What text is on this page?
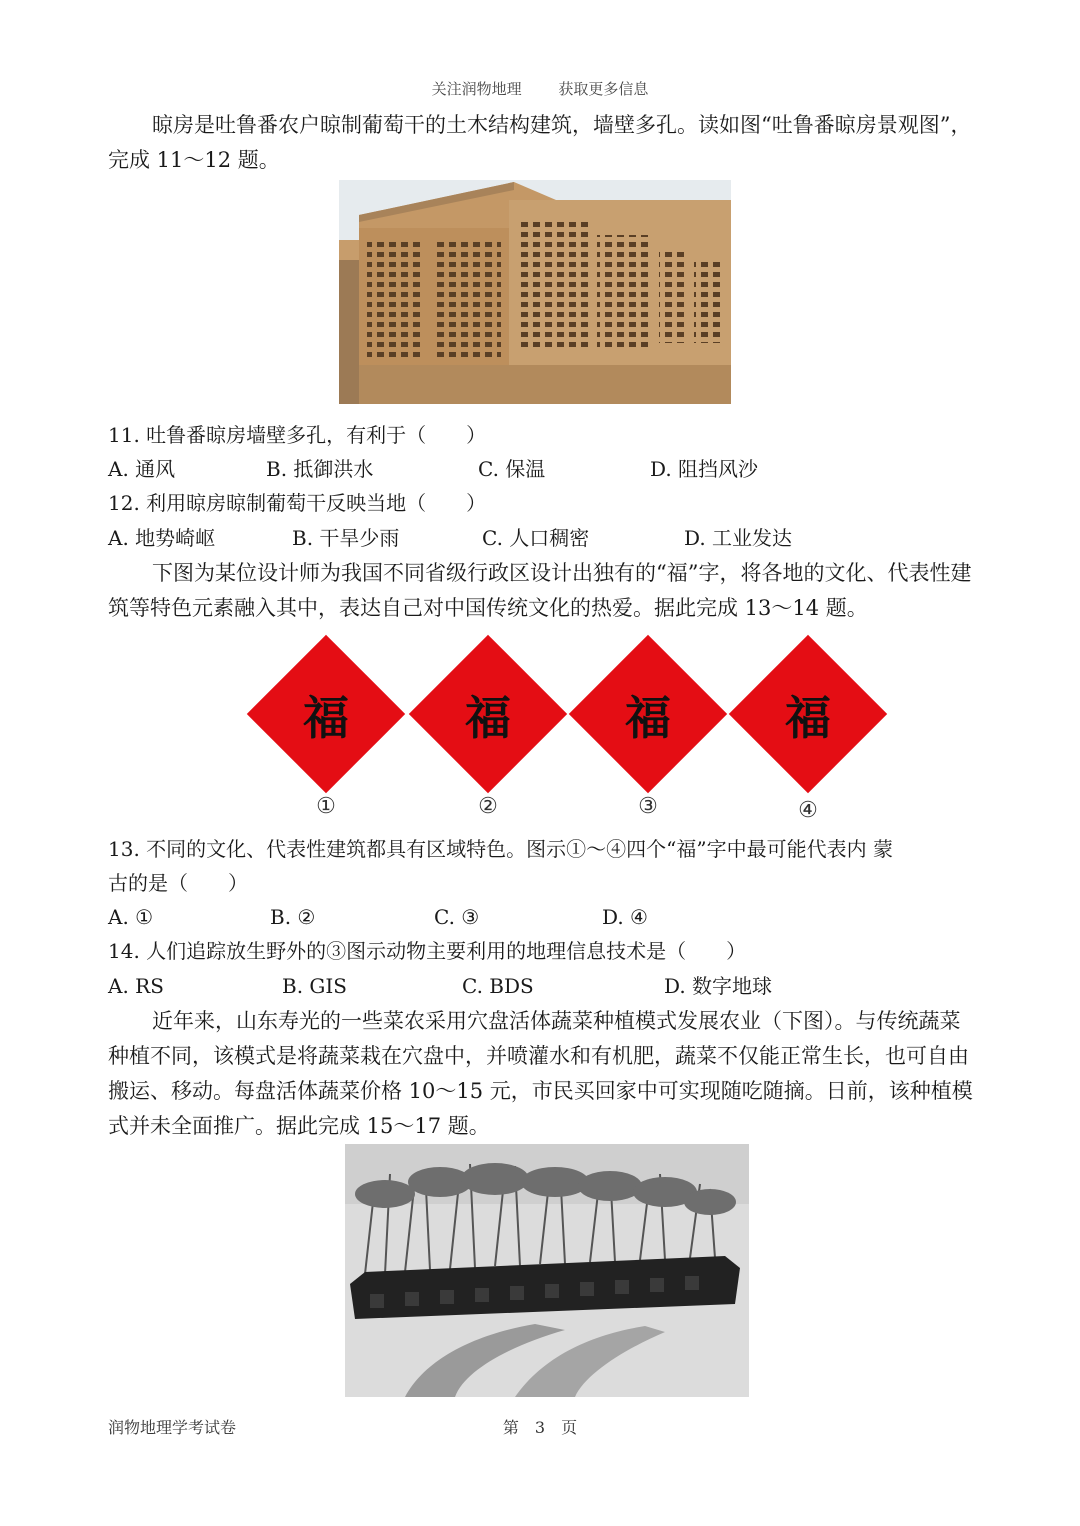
关注润物地理 获取更多信息
晾房是吐鲁番农户晾制葡萄干的土木结构建筑，墙壁多孔。读如图“吐鲁番晾房景观图”，完成 11～12 题。
11. 吐鲁番晾房墙壁多孔，有利于（　　）
A. 通风	B. 抵御洪水	C. 保温	D. 阻挡风沙
12. 利用晾房晾制葡萄干反映当地（　　）
A. 地势崎岖	B. 干旱少雨	C. 人口稠密	D. 工业发达
下图为某位设计师为我国不同省级行政区设计出独有的“福”字，将各地的文化、代表性建筑等特色元素融入其中，表达自己对中国传统文化的热爱。据此完成 13～14 题。
福	福	福	福
①	②	③	④
13. 不同的文化、代表性建筑都具有区域特色。图示①～④四个“福”字中最可能代表内 蒙
古的是（　　）
A. ①	B. ②	C. ③	D. ④
14. 人们追踪放生野外的③图示动物主要利用的地理信息技术是（　　）
A. RS	B. GIS	C. BDS	D. 数字地球
近年来，山东寿光的一些菜农采用穴盘活体蔬菜种植模式发展农业（下图）。与传统蔬菜种植不同，该模式是将蔬菜栽在穴盘中，并喷灌水和有机肥，蔬菜不仅能正常生长，也可自由搬运、移动。每盘活体蔬菜价格 10～15 元，市民买回家中可实现随吃随摘。日前，该种植模式并未全面推广。据此完成 15～17 题。
润物地理学考试卷	第　3　页
